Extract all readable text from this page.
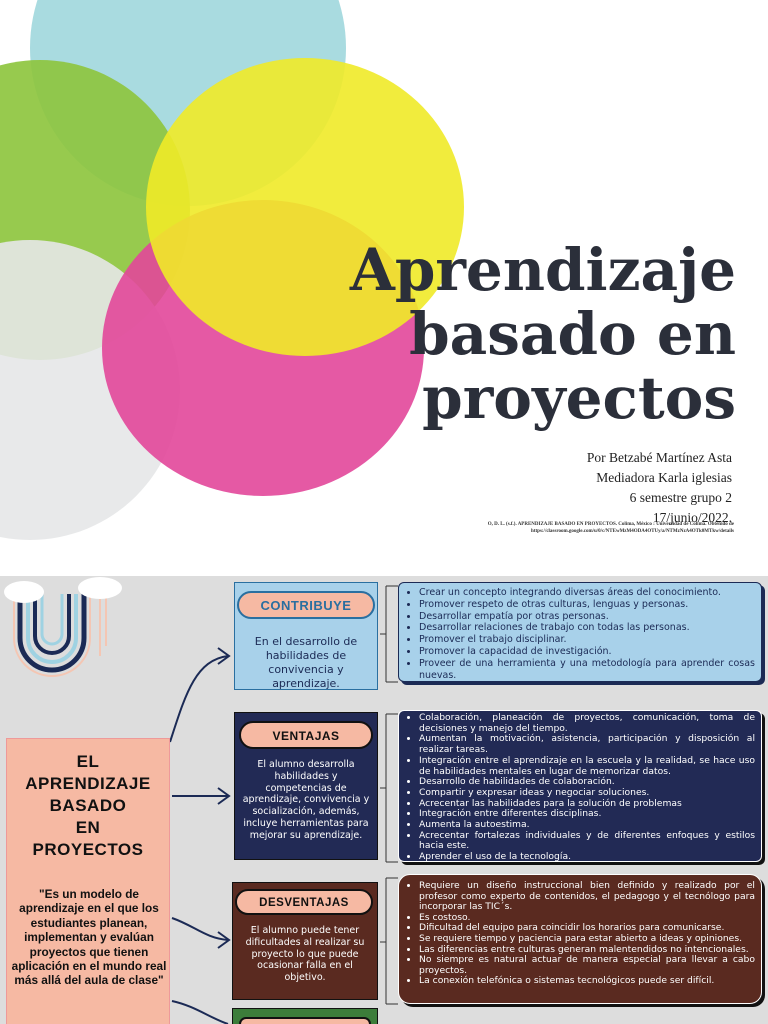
Aprendizaje
basado en
proyectos
Por Betzabé Martínez Asta
Mediadora Karla iglesias
6 semestre grupo 2
17/junio/2022.
O, D. L. (s.f.). APRENDIZAJE BASADO EN PROYECTOS. Colima, México : Universidad de Colima. Obtenido de
https://classroom.google.com/u/0/c/NTEwMzM4ODA4OTUy/a/NTMzNzA4OTk0MTkw/details
CONTRIBUYE
En el desarrollo de habilidades de convivencia y aprendizaje.
• Crear un concepto integrando diversas áreas del conocimiento.
• Promover respeto de otras culturas, lenguas y personas.
• Desarrollar empatía por otras personas.
• Desarrollar relaciones de trabajo con todas las personas.
• Promover el trabajo disciplinar.
• Promover la capacidad de investigación.
• Proveer de una herramienta y una metodología para aprender cosas nuevas.
VENTAJAS
El alumno desarrolla habilidades y competencias de aprendizaje, convivencia y socialización, además, incluye herramientas para mejorar su aprendizaje.
• Colaboración, planeación de proyectos, comunicación, toma de decisiones y manejo del tiempo.
• Aumentan la motivación, asistencia, participación y disposición al realizar tareas.
• Integración entre el aprendizaje en la escuela y la realidad, se hace uso de habilidades mentales en lugar de memorizar datos.
• Desarrollo de habilidades de colaboración.
• Compartir y expresar ideas y negociar soluciones.
• Acrecentar las habilidades para la solución de problemas
• Integración entre diferentes disciplinas.
• Aumenta la autoestima.
• Acrecentar fortalezas individuales y de diferentes enfoques y estilos hacia este.
• Aprender el uso de la tecnología.
DESVENTAJAS
El alumno puede tener dificultades al realizar su proyecto lo que puede ocasionar falla en el objetivo.
• Requiere un diseño instruccional bien definido y realizado por el profesor como experto de contenidos, el pedagogo y el tecnólogo para incorporar las TIC´s.
• Es costoso.
• Dificultad del equipo para coincidir los horarios para comunicarse.
• Se requiere tiempo y paciencia para estar abierto a ideas y opiniones.
• Las diferencias entre culturas generan malentendidos no intencionales.
• No siempre es natural actuar de manera especial para llevar a cabo proyectos.
• La conexión telefónica o sistemas tecnológicos puede ser difícil.
EL
APRENDIZAJE
BASADO
EN
PROYECTOS
"Es un modelo de aprendizaje en el que los estudiantes planean, implementan y evalúan proyectos que tienen aplicación en el mundo real más allá del aula de clase"
